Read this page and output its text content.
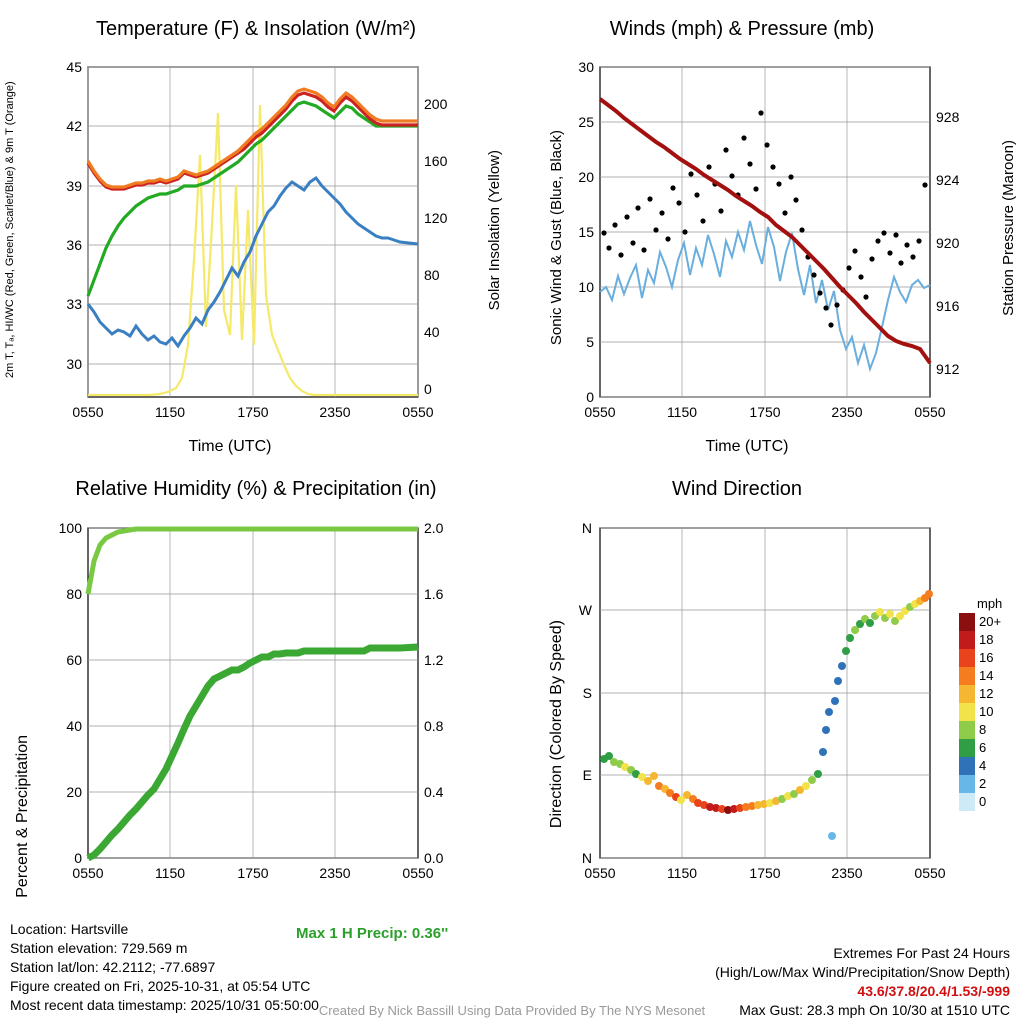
Temperature (F) & Insolation (W/m²)
2m T, Tₐ, HI/WC (Red, Green, Scarlet/Blue) & 9m T (Orange)	Solar Insolation (Yellow)
Time (UTC)
30
33
36
39
42
45
0
40
80
120
160
200
0550	1150	1750	2350	0550
Winds (mph) & Pressure (mb)
Sonic Wind & Gust (Blue, Black)	Station Pressure (Maroon)
Time (UTC)
0
5
10
15
20
25
30
912
916
920
924
928
0550	1150	1750	2350	0550
Relative Humidity (%) & Precipitation (in)
Percent & Precipitation	0
20
40
60
80
100
0.0
0.4
0.8
1.2
1.6
2.0
0550	1150	1750	2350	0550
Wind Direction
Direction (Colored By Speed)
N
W
S
E
N
0550	1150	1750	2350	0550
mph
20+
18
16
14
12
10
8
6
4
2
0
Max 1 H Precip: 0.36''
Location: Hartsville
Station elevation: 729.569 m
Station lat/lon: 42.2112; -77.6897
Figure created on Fri, 2025-10-31, at 05:54 UTC
Most recent data timestamp: 2025/10/31 05:50:00
Extremes For Past 24 Hours
(High/Low/Max Wind/Precipitation/Snow Depth)
43.6/37.8/20.4/1.53/-999
Max Gust: 28.3 mph On 10/30 at 1510 UTC
Created By Nick Bassill Using Data Provided By The NYS Mesonet
